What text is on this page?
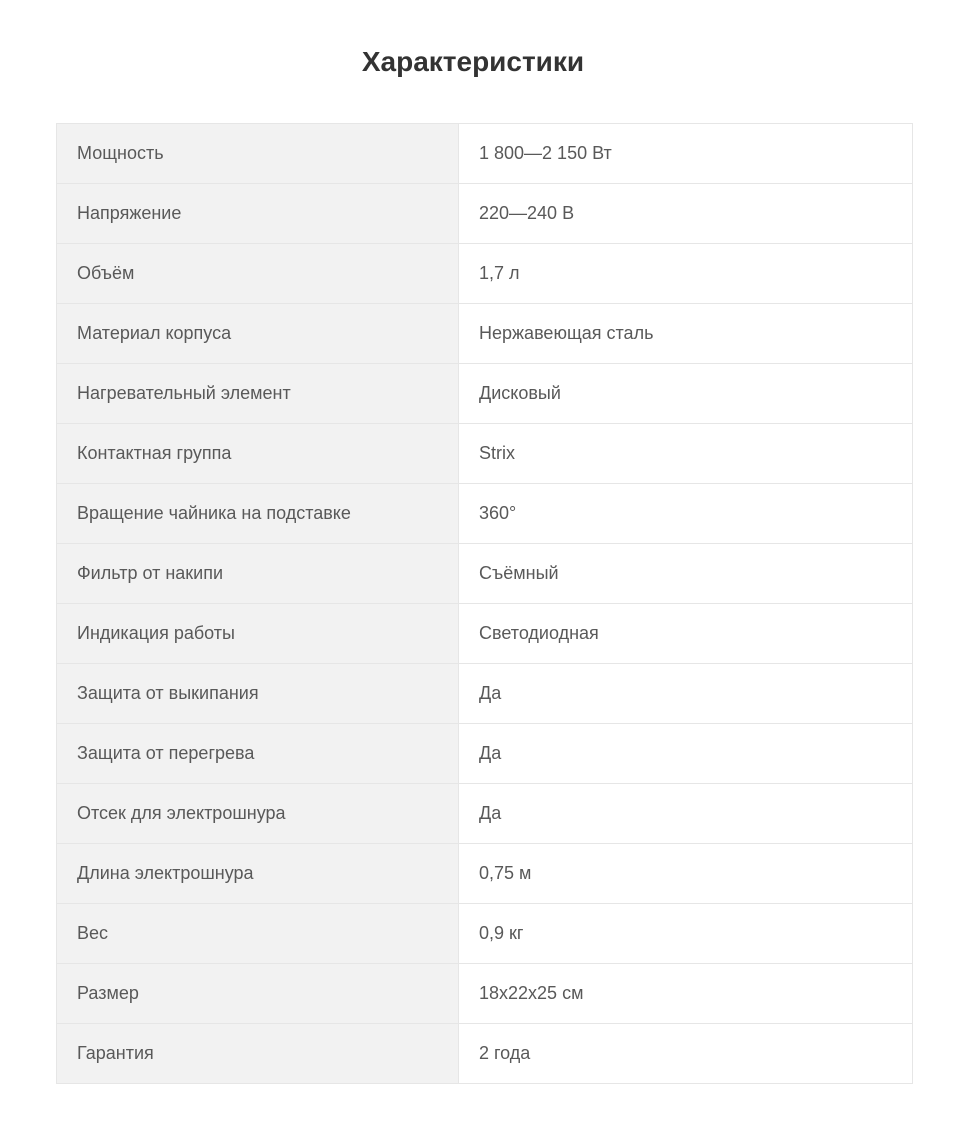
Характеристики
Мощность	1 800—2 150 Вт
Напряжение	220—240 В
Объём	1,7 л
Материал корпуса	Нержавеющая сталь
Нагревательный элемент	Дисковый
Контактная группа	Strix
Вращение чайника на подставке	360°
Фильтр от накипи	Съёмный
Индикация работы	Светодиодная
Защита от выкипания	Да
Защита от перегрева	Да
Отсек для электрошнура	Да
Длина электрошнура	0,75 м
Вес	0,9 кг
Размер	18x22x25 см
Гарантия	2 года
